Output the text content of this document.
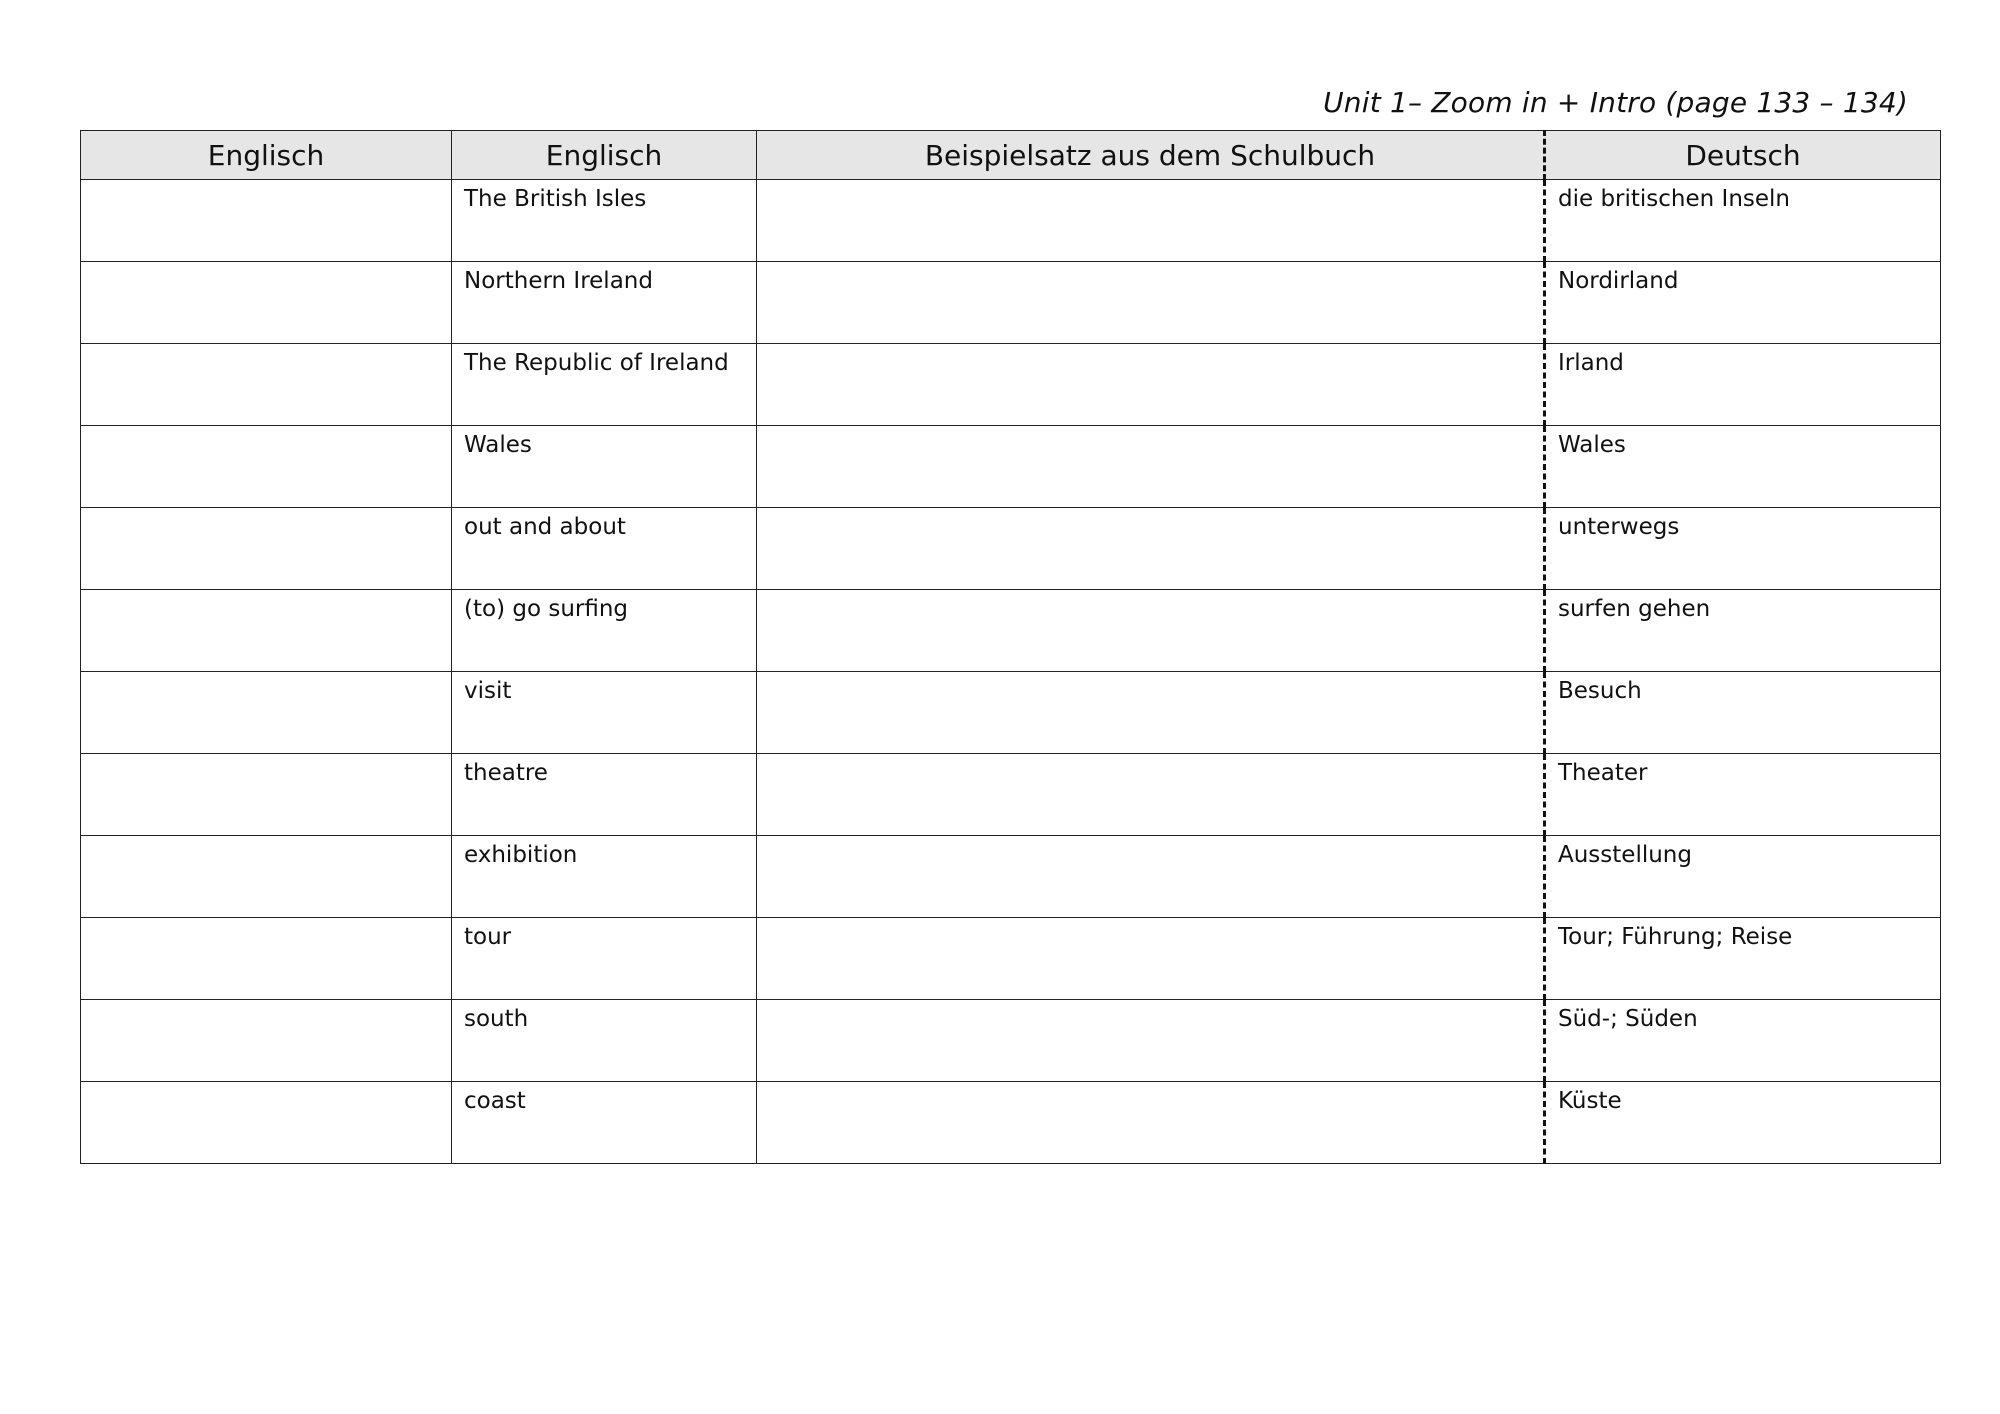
Unit 1– Zoom in + Intro (page 133 – 134)
Englisch	Englisch	Beispielsatz aus dem Schulbuch	Deutsch
	The British Isles		die britischen Inseln
	Northern Ireland		Nordirland
	The Republic of Ireland		Irland
	Wales		Wales
	out and about		unterwegs
	(to) go surfing		surfen gehen
	visit		Besuch
	theatre		Theater
	exhibition		Ausstellung
	tour		Tour; Führung; Reise
	south		Süd-; Süden
	coast		Küste
